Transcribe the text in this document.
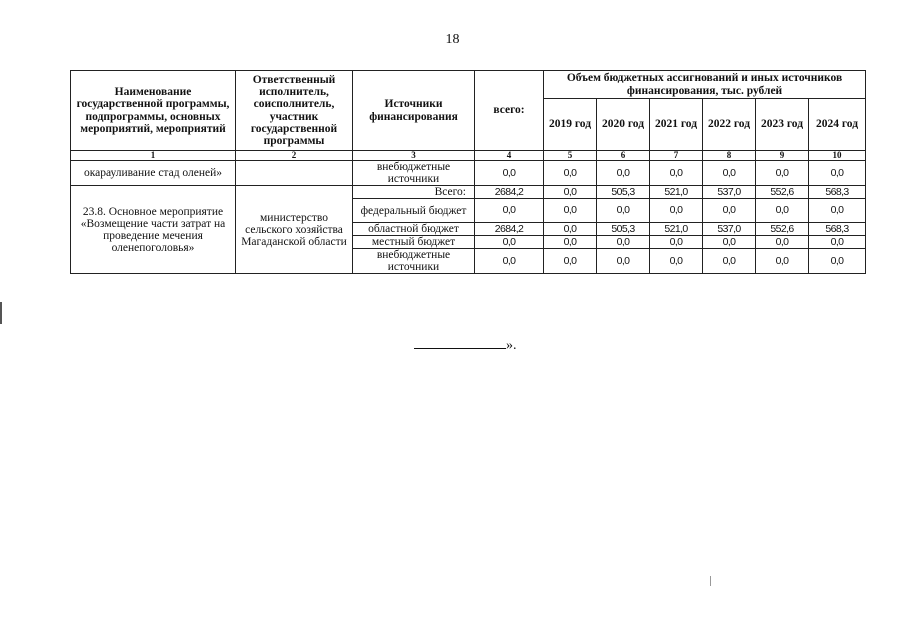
18
Наименование государственной программы, подпрограммы, основных мероприятий, мероприятий	Ответственный исполнитель, соисполнитель, участник государственной программы	Источники финансирования	всего:	Объем бюджетных ассигнований и иных источников финансирования, тыс. рублей					
				2019 год	2020 год	2021 год	2022 год	2023 год	2024 год
1	2	3	4	5	6	7	8	9	10
окарауливание стад оленей»		внебюджетные источники	0,0	0,0	0,0	0,0	0,0	0,0	0,0
23.8. Основное мероприятие «Возмещение части затрат на проведение мечения оленепоголовья»	министерство сельского хозяйства Магаданской области	Всего:	2684,2	0,0	505,3	521,0	537,0	552,6	568,3
		федеральный бюджет	0,0	0,0	0,0	0,0	0,0	0,0	0,0
		областной бюджет	2684,2	0,0	505,3	521,0	537,0	552,6	568,3
		местный бюджет	0,0	0,0	0,0	0,0	0,0	0,0	0,0
		внебюджетные источники	0,0	0,0	0,0	0,0	0,0	0,0	0,0
».
